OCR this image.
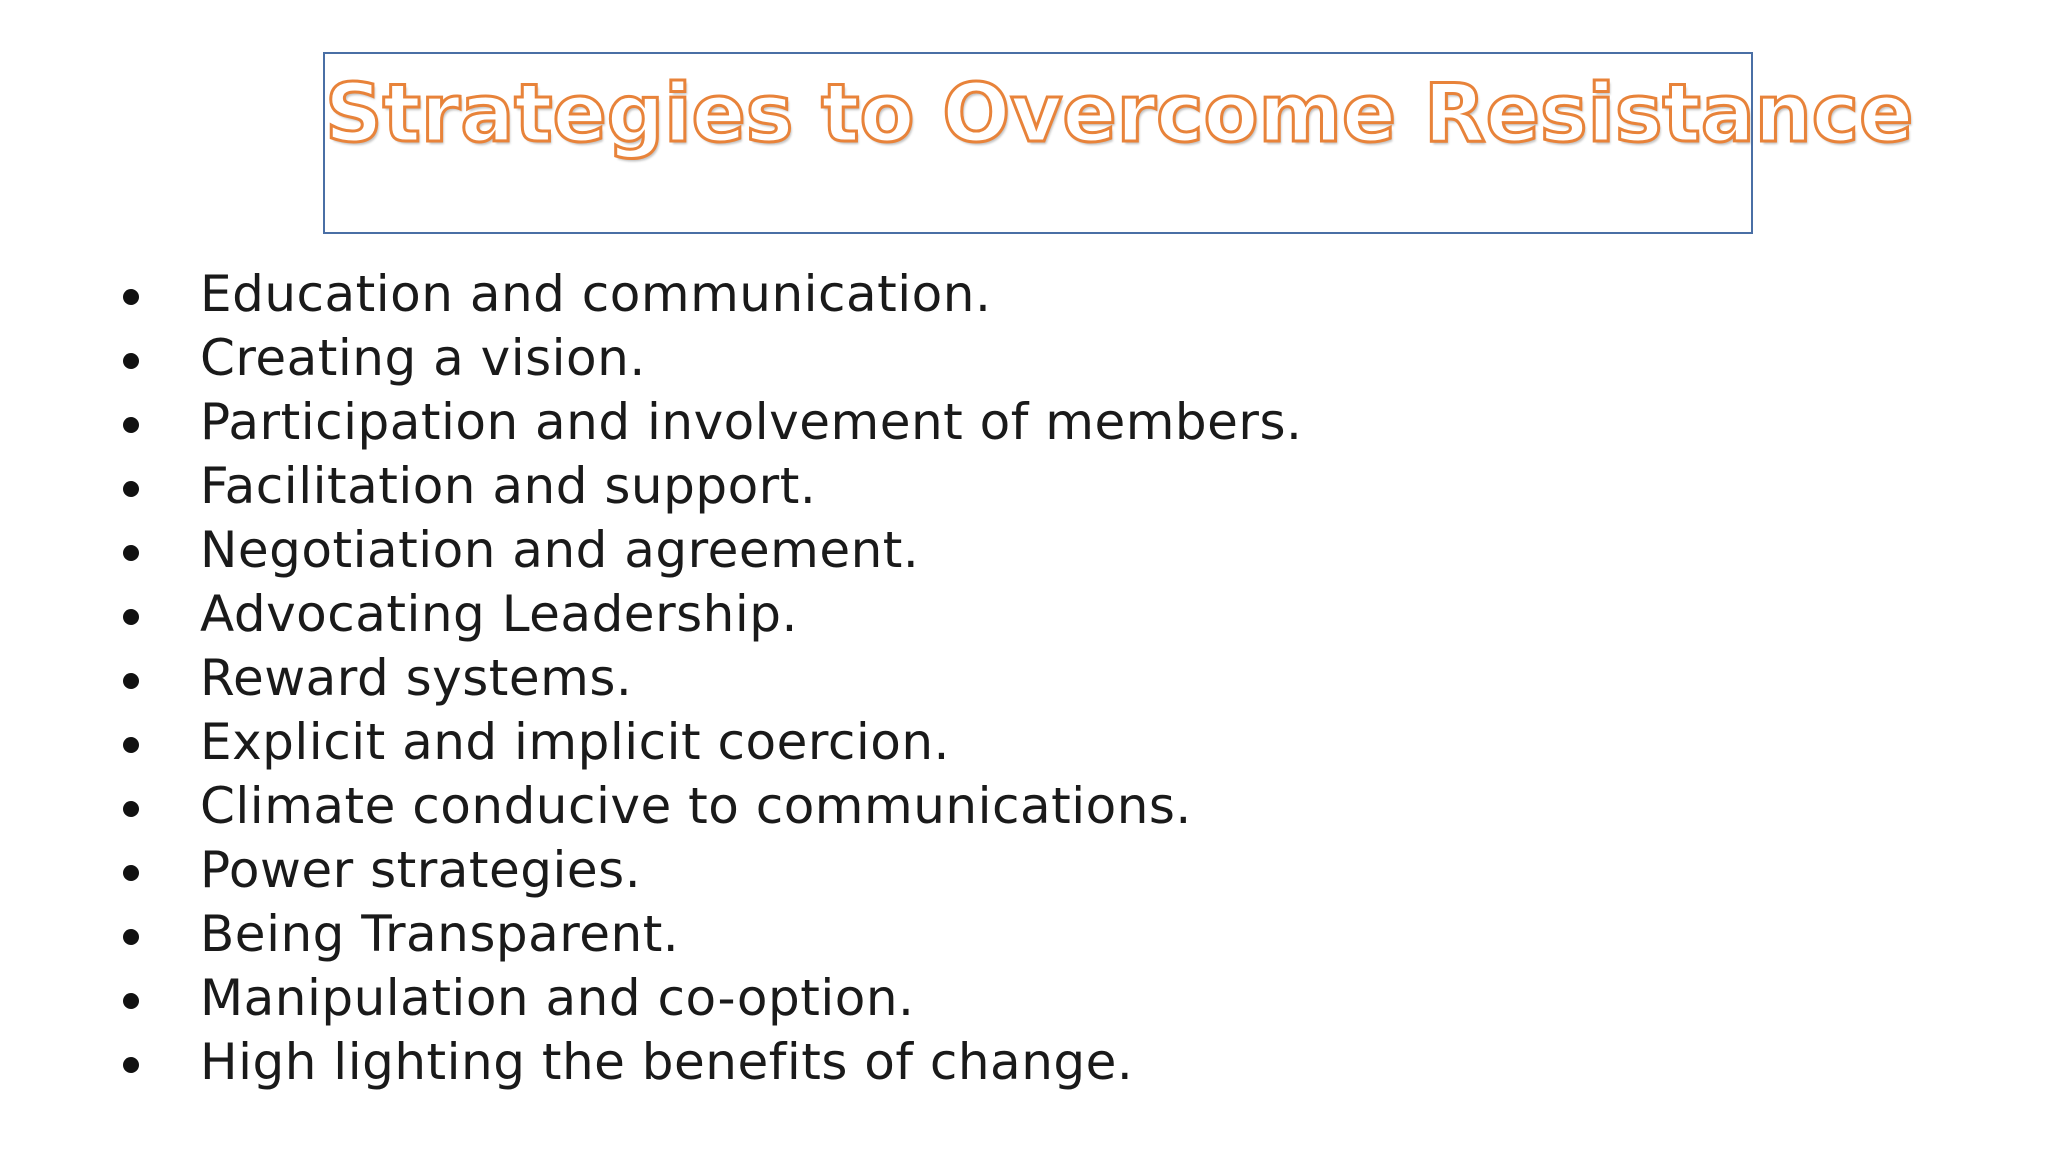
Strategies to Overcome Resistance
Education and communication.
Creating a vision.
Participation and involvement of members.
Facilitation and support.
Negotiation and agreement.
Advocating Leadership.
Reward systems.
Explicit and implicit coercion.
Climate conducive to communications.
Power strategies.
Being Transparent.
Manipulation and co-option.
High lighting the benefits of change.
